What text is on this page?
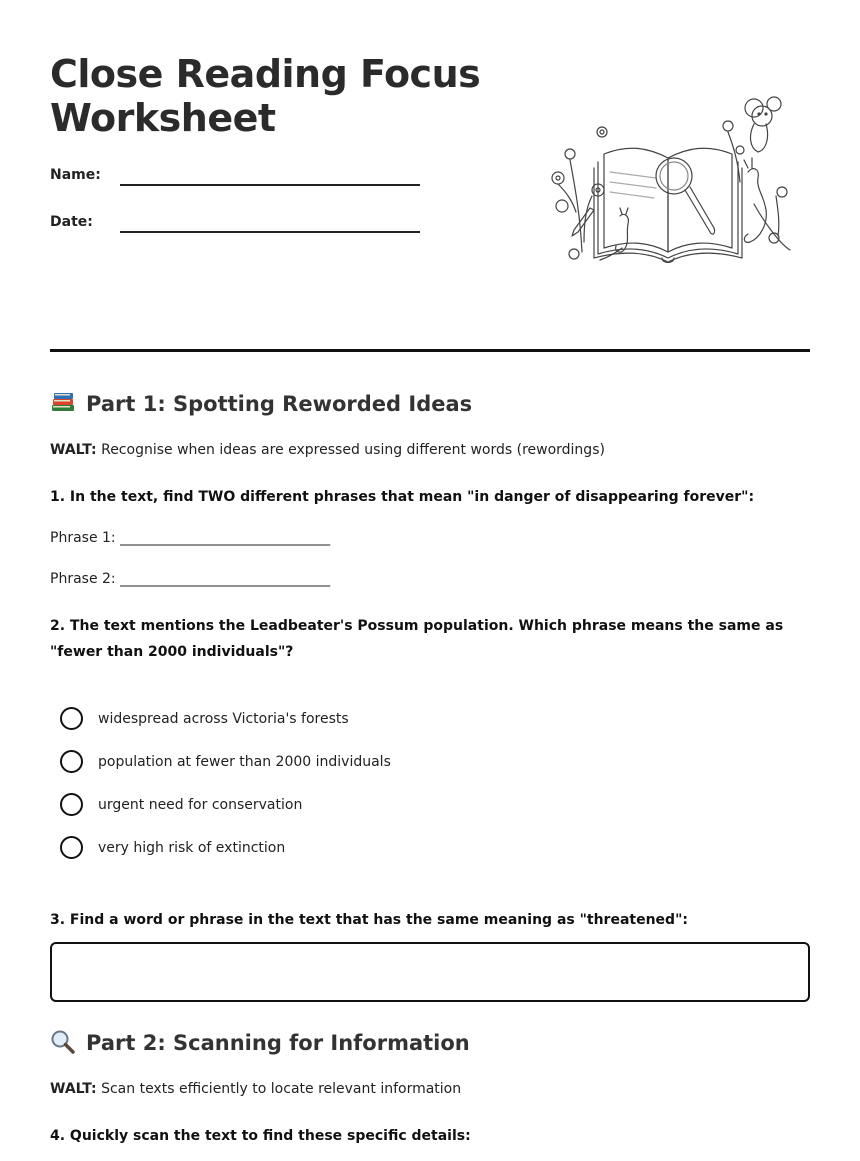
Close Reading Focus
Worksheet
Name:
Date:
Part 1: Spotting Reworded Ideas
WALT: Recognise when ideas are expressed using different words (rewordings)
1. In the text, find TWO different phrases that mean "in danger of disappearing forever":
Phrase 1: ______________________________
Phrase 2: ______________________________
2. The text mentions the Leadbeater's Possum population. Which phrase means the same as "fewer than 2000 individuals"?
widespread across Victoria's forests
population at fewer than 2000 individuals
urgent need for conservation
very high risk of extinction
3. Find a word or phrase in the text that has the same meaning as "threatened":
Part 2: Scanning for Information
WALT: Scan texts efficiently to locate relevant information
4. Quickly scan the text to find these specific details:
